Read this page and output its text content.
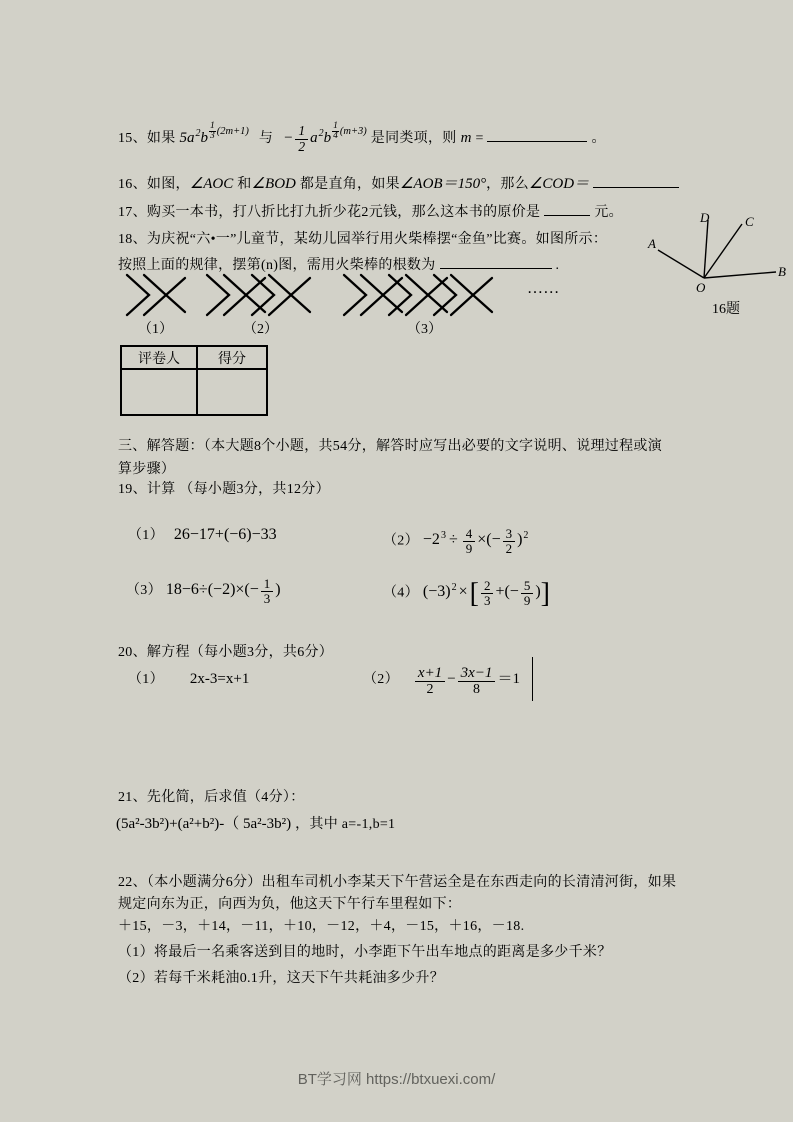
15、如果 $5a^2b$ $^{\frac{1}{3} (2m+1)}$ 与 − $\frac{1}{2} a^2b$ $^{\frac{1}{4} (m+3)}$ 是同类项，则 m =	。
16、如图，∠AOC 和∠BOD 都是直角，如果∠AOB＝150°，那么∠COD＝
17、购买一本书，打八折比打九折少花2元钱，那么这本书的原价是	元。
18、为庆祝“六•一”儿童节，某幼儿园举行用火柴棒摆“金鱼”比赛。如图所示：
按照上面的规律，摆第(n)图，需用火柴棒的根数为	.
……
（1）	（2）	（3）
A
D	C
B
O
16题
评卷人	得分

三、解答题：（本大题8个小题，共54分，解答时应写出必要的文字说明、说理过程或演
算步骤）
19、计算 （每小题3分，共12分）
（1） 26−17+(−6)−33	$(2) -2^3 \div \frac{4}{9}$ ×(− $\frac{3}{2} )^2$
（3） $18-6\div(-2)\times(- \frac{1}{3}$ )	（4） $(-3)^2$ ×[ $\frac{2}{3}$ +(− $\frac{5}{9}$ )]
20、解方程（每小题3分，共6分）
（1） 2x-3=x+1	$(2) \frac{x+1}{2} - \frac{3x-1}{8} =1$
21、先化简，后求值（4分）：
(5a²-3b²)+(a²+b²)-（ 5a²-3b²) ，其中 a=-1,b=1
22、（本小题满分6分）出租车司机小李某天下午营运全是在东西走向的长清清河街，如果
规定向东为正，向西为负，他这天下午行车里程如下：
＋15，－3，＋14，－11，＋10，－12，＋4，－15，＋16，－18.
（1）将最后一名乘客送到目的地时，小李距下午出车地点的距离是多少千米？
（2）若每千米耗油0.1升，这天下午共耗油多少升？
BT学习网 https://btxuexi.com/
